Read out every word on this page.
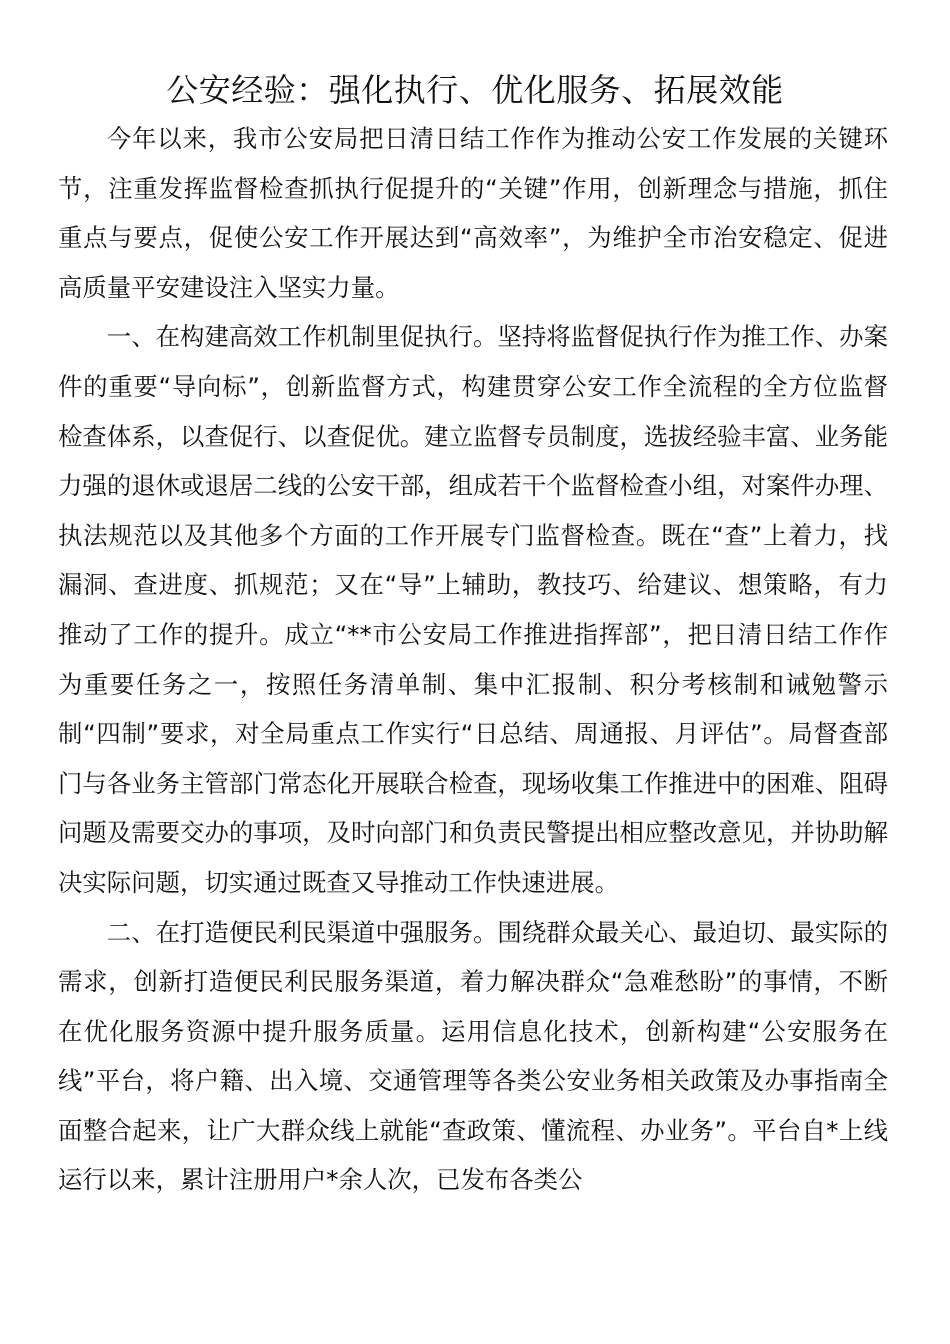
公安经验：强化执行、优化服务、拓展效能

今年以来，我市公安局把日清日结工作作为推动公安工作发展的关键环节，注重发挥监督检查抓执行促提升的“关键”作用，创新理念与措施，抓住重点与要点，促使公安工作开展达到“高效率”，为维护全市治安稳定、促进高质量平安建设注入坚实力量。

一、在构建高效工作机制里促执行。坚持将监督促执行作为推工作、办案件的重要“导向标”，创新监督方式，构建贯穿公安工作全流程的全方位监督检查体系，以查促行、以查促优。建立监督专员制度，选拔经验丰富、业务能力强的退休或退居二线的公安干部，组成若干个监督检查小组，对案件办理、执法规范以及其他多个方面的工作开展专门监督检查。既在“查”上着力，找漏洞、查进度、抓规范；又在“导”上辅助，教技巧、给建议、想策略，有力推动了工作的提升。成立“**市公安局工作推进指挥部”，把日清日结工作作为重要任务之一，按照任务清单制、集中汇报制、积分考核制和诫勉警示制“四制”要求，对全局重点工作实行“日总结、周通报、月评估”。局督查部门与各业务主管部门常态化开展联合检查，现场收集工作推进中的困难、阻碍问题及需要交办的事项，及时向部门和负责民警提出相应整改意见，并协助解决实际问题，切实通过既查又导推动工作快速进展。

二、在打造便民利民渠道中强服务。围绕群众最关心、最迫切、最实际的需求，创新打造便民利民服务渠道，着力解决群众“急难愁盼”的事情，不断在优化服务资源中提升服务质量。运用信息化技术，创新构建“公安服务在线”平台，将户籍、出入境、交通管理等各类公安业务相关政策及办事指南全面整合起来，让广大群众线上就能“查政策、懂流程、办业务”。平台自*上线运行以来，累计注册用户*余人次，已发布各类公
